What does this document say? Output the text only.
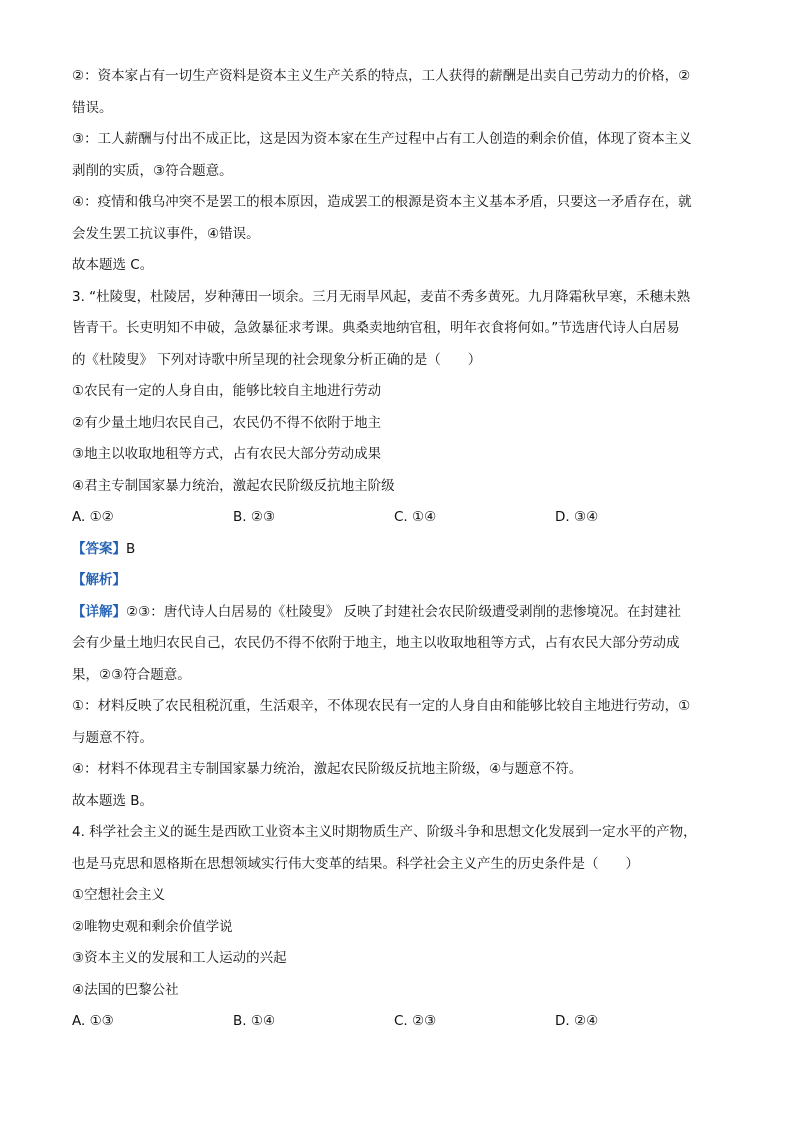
②：资本家占有一切生产资料是资本主义生产关系的特点，工人获得的薪酬是出卖自己劳动力的价格，②

错误。

③：工人薪酬与付出不成正比，这是因为资本家在生产过程中占有工人创造的剩余价值，体现了资本主义

剥削的实质，③符合题意。

④：疫情和俄乌冲突不是罢工的根本原因，造成罢工的根源是资本主义基本矛盾，只要这一矛盾存在，就

会发生罢工抗议事件，④错误。

故本题选 C。

3. “杜陵叟，杜陵居，岁种薄田一顷余。三月无雨旱风起，麦苗不秀多黄死。九月降霜秋早寒，禾穗未熟

皆青干。长吏明知不申破，急敛暴征求考课。典桑卖地纳官租，明年衣食将何如。”节选唐代诗人白居易

的《杜陵叟》 下列对诗歌中所呈现的社会现象分析正确的是（　　）

①农民有一定的人身自由，能够比较自主地进行劳动

②有少量土地归农民自己，农民仍不得不依附于地主

③地主以收取地租等方式，占有农民大部分劳动成果

④君主专制国家暴力统治，激起农民阶级反抗地主阶级

A. ①②	B. ②③	C. ①④	D. ③④

【答案】B

【解析】

【详解】②③：唐代诗人白居易的《杜陵叟》 反映了封建社会农民阶级遭受剥削的悲惨境况。在封建社

会有少量土地归农民自己，农民仍不得不依附于地主，地主以收取地租等方式，占有农民大部分劳动成

果，②③符合题意。

①：材料反映了农民租税沉重，生活艰辛，不体现农民有一定的人身自由和能够比较自主地进行劳动，①

与题意不符。

④：材料不体现君主专制国家暴力统治，激起农民阶级反抗地主阶级，④与题意不符。

故本题选 B。

4. 科学社会主义的诞生是西欧工业资本主义时期物质生产、阶级斗争和思想文化发展到一定水平的产物，

也是马克思和恩格斯在思想领域实行伟大变革的结果。科学社会主义产生的历史条件是（　　）

①空想社会主义

②唯物史观和剩余价值学说

③资本主义的发展和工人运动的兴起

④法国的巴黎公社

A. ①③	B. ①④	C. ②③	D. ②④
